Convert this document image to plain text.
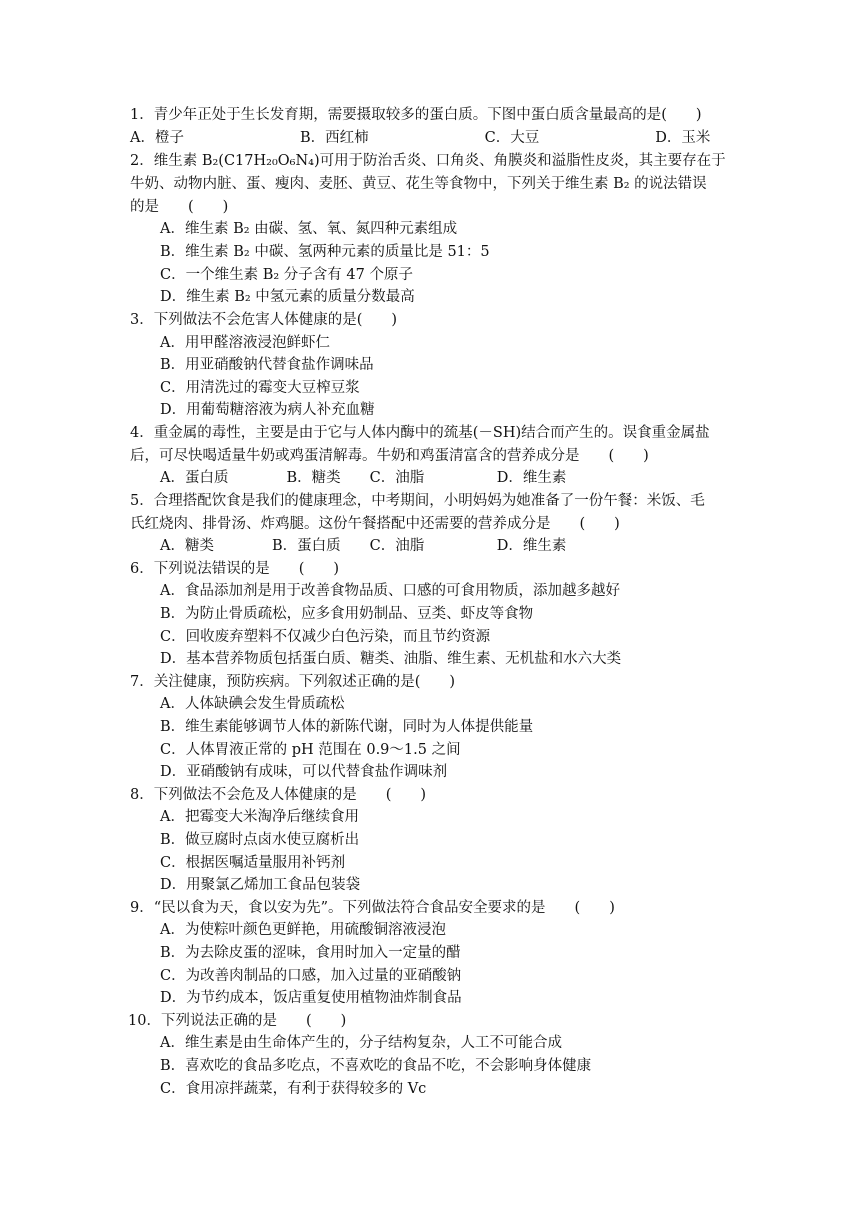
1．青少年正处于生长发育期，需要摄取较多的蛋白质。下图中蛋白质含量最高的是(　　)
A．橙子　　　　　　　　B．西红柿　　　　　　　　C．大豆　　　　　　　　D．玉米
2．维生素 B₂(C17H₂₀O₆N₄)可用于防治舌炎、口角炎、角膜炎和溢脂性皮炎，其主要存在于
牛奶、动物内脏、蛋、瘦肉、麦胚、黄豆、花生等食物中，下列关于维生素 B₂ 的说法错误
的是　　(　　)
A．维生素 B₂ 由碳、氢、氧、氮四种元素组成
B．维生素 B₂ 中碳、氢两种元素的质量比是 51：5
C．一个维生素 B₂ 分子含有 47 个原子
D．维生素 B₂ 中氢元素的质量分数最高
3．下列做法不会危害人体健康的是(　　)
A．用甲醛溶液浸泡鲜虾仁
B．用亚硝酸钠代替食盐作调味品
C．用清洗过的霉变大豆榨豆浆
D．用葡萄糖溶液为病人补充血糖
4．重金属的毒性，主要是由于它与人体内酶中的巯基(－SH)结合而产生的。误食重金属盐
后，可尽快喝适量牛奶或鸡蛋清解毒。牛奶和鸡蛋清富含的营养成分是　　(　　)
A．蛋白质　　　　B．糖类　　C．油脂　　　　　D．维生素
5．合理搭配饮食是我们的健康理念，中考期间，小明妈妈为她准备了一份午餐：米饭、毛
氏红烧肉、排骨汤、炸鸡腿。这份午餐搭配中还需要的营养成分是　　(　　)
A．糖类　　　　B．蛋白质　　C．油脂　　　　　D．维生素
6．下列说法错误的是　　(　　)
A．食品添加剂是用于改善食物品质、口感的可食用物质，添加越多越好
B．为防止骨质疏松，应多食用奶制品、豆类、虾皮等食物
C．回收废弃塑料不仅减少白色污染，而且节约资源
D．基本营养物质包括蛋白质、糖类、油脂、维生素、无机盐和水六大类
7．关注健康，预防疾病。下列叙述正确的是(　　)
A．人体缺碘会发生骨质疏松
B．维生素能够调节人体的新陈代谢，同时为人体提供能量
C．人体胃液正常的 pH 范围在 0.9～1.5 之间
D．亚硝酸钠有成味，可以代替食盐作调味剂
8．下列做法不会危及人体健康的是　　(　　)
A．把霉变大米淘净后继续食用
B．做豆腐时点卤水使豆腐析出
C．根据医嘱适量服用补钙剂
D．用聚氯乙烯加工食品包装袋
9．“民以食为天，食以安为先”。下列做法符合食品安全要求的是　　(　　)
A．为使粽叶颜色更鲜艳，用硫酸铜溶液浸泡
B．为去除皮蛋的涩味，食用时加入一定量的醋
C．为改善肉制品的口感，加入过量的亚硝酸钠
D．为节约成本，饭店重复使用植物油炸制食品
10．下列说法正确的是　　(　　)
A．维生素是由生命体产生的，分子结构复杂，人工不可能合成
B．喜欢吃的食品多吃点，不喜欢吃的食品不吃，不会影响身体健康
C．食用凉拌蔬菜，有利于获得较多的 Vc
